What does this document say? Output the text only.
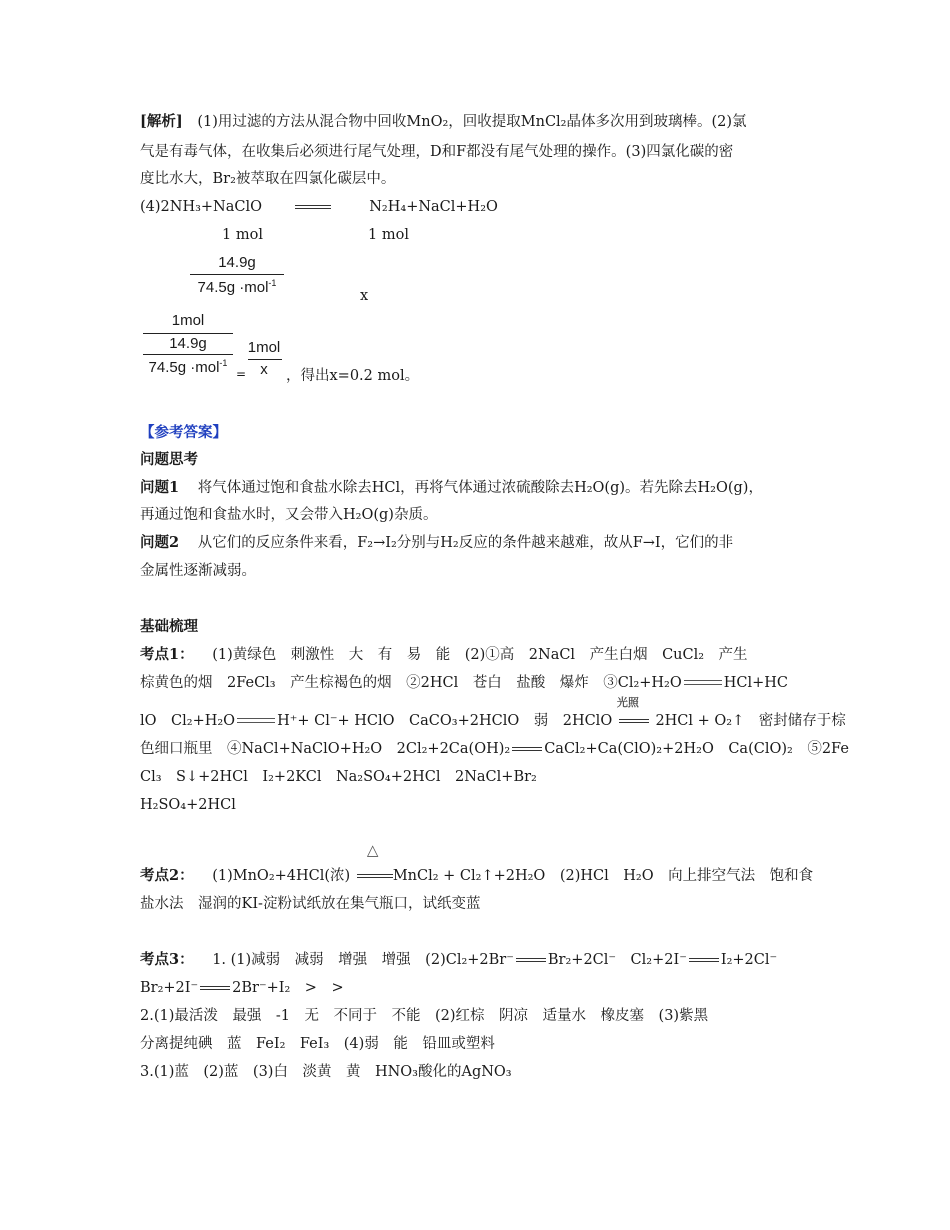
[解析] (1)用过滤的方法从混合物中回收MnO₂，回收提取MnCl₂晶体多次用到玻璃棒。(2)氯
气是有毒气体，在收集后必须进行尾气处理，D和F都没有尾气处理的操作。(3)四氯化碳的密
度比水大，Br₂被萃取在四氯化碳层中。
(4)2NH₃+NaClO	N₂H₄+NaCl+H₂O
1 mol	1 mol
14.9g
74.5g ·mol$^{-1}$
x
1mol
14.9g
74.5g ·mol$^{-1}$
=
1mol
x	，得出x=0.2 mol。
【参考答案】
问题思考
问题1 将气体通过饱和食盐水除去HCl，再将气体通过浓硫酸除去H₂O(g)。若先除去H₂O(g)，
再通过饱和食盐水时，又会带入H₂O(g)杂质。
问题2 从它们的反应条件来看，F₂→I₂分别与H₂反应的条件越来越难，故从F→I，它们的非
金属性逐渐减弱。
基础梳理
考点1： (1)黄绿色　刺激性　大　有　易　能　(2)①高　2NaCl　产生白烟　CuCl₂　产生
棕黄色的烟　2FeCl₃　产生棕褐色的烟　②2HCl　苍白　盐酸　爆炸　③Cl₂+H₂O	HCl+HC
lO　Cl₂+H₂O	H⁺+ Cl⁻+ HClO　CaCO₃+2HClO　弱　2HClO
光照
2HCl + O₂↑　密封储存于棕
色细口瓶里　④NaCl+NaClO+H₂O　2Cl₂+2Ca(OH)₂ CaCl₂+Ca(ClO)₂+2H₂O　Ca(ClO)₂　⑤2Fe
Cl₃　S↓+2HCl　I₂+2KCl　Na₂SO₄+2HCl　2NaCl+Br₂
H₂SO₄+2HCl
考点2： (1)MnO₂+4HCl(浓)
△
MnCl₂ + Cl₂↑+2H₂O　(2)HCl　H₂O　向上排空气法　饱和食
盐水法　湿润的KI-淀粉试纸放在集气瓶口，试纸变蓝
考点3： 1. (1)减弱　减弱　增强　增强　(2)Cl₂+2Br⁻ Br₂+2Cl⁻　Cl₂+2I⁻ I₂+2Cl⁻
Br₂+2I⁻ 2Br⁻+I₂　>　>
2.(1)最活泼　最强　-1　无　不同于　不能　(2)红棕　阴凉　适量水　橡皮塞　(3)紫黑
分离提纯碘　蓝　FeI₂　FeI₃　(4)弱　能　铅皿或塑料
3.(1)蓝　(2)蓝　(3)白　淡黄　黄　HNO₃酸化的AgNO₃
